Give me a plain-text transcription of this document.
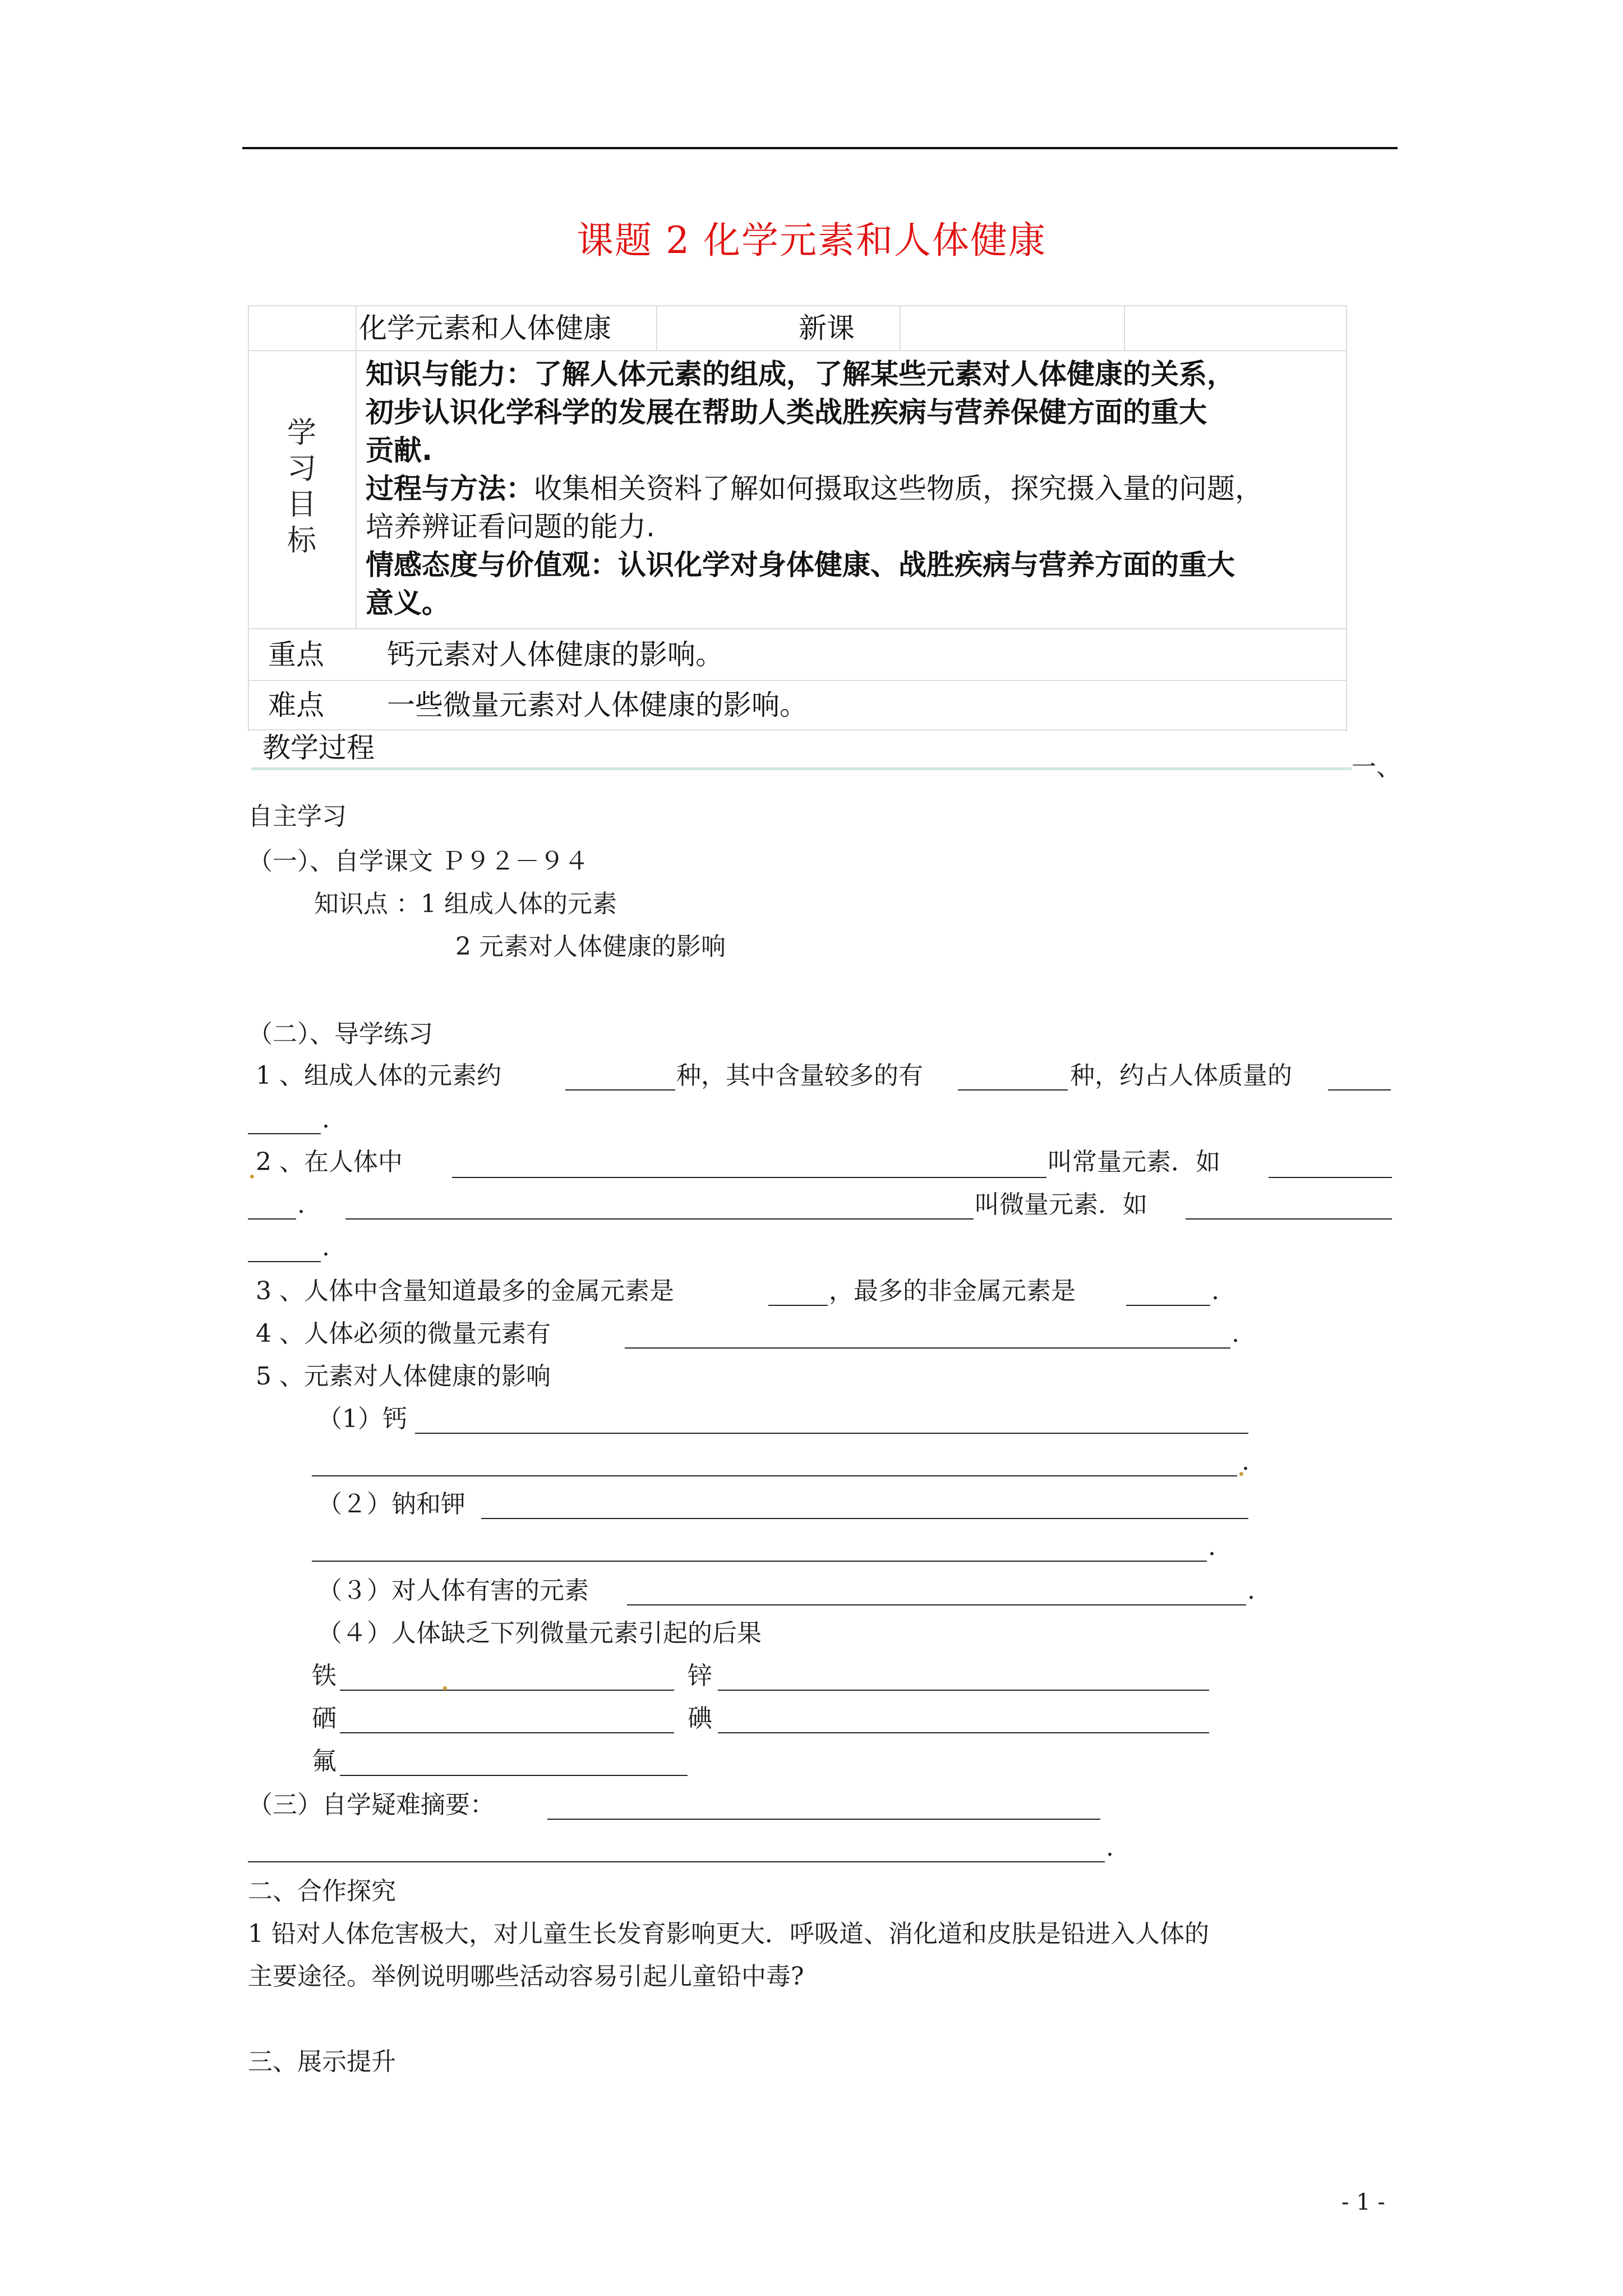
课题 2 化学元素和人体健康
化学元素和人体健康	新课
学
习
目
标
知识与能力：了解人体元素的组成，了解某些元素对人体健康的关系，
初步认识化学科学的发展在帮助人类战胜疾病与营养保健方面的重大
贡献.
过程与方法：收集相关资料了解如何摄取这些物质，探究摄入量的问题，
培养辨证看问题的能力.
情感态度与价值观：认识化学对身体健康、战胜疾病与营养方面的重大
意义。
重点 钙元素对人体健康的影响。
难点 一些微量元素对人体健康的影响。
教学过程
一、
自主学习
（一）、自学课文 Ｐ９２－９４
知识点 ：1 组成人体的元素
2 元素对人体健康的影响
（二）、导学练习
1 、组成人体的元素约	种，其中含量较多的有	种，约占人体质量的
.
2 、在人体中	叫常量元素．如
.	叫微量元素．如
.
3 、人体中含量知道最多的金属元素是	，最多的非金属元素是	.
4 、人体必须的微量元素有	.
5 、元素对人体健康的影响
（1）钙
.
（２）钠和钾
.
（３）对人体有害的元素	.
（４）人体缺乏下列微量元素引起的后果
铁	锌
硒	碘
氟
（三）自学疑难摘要：
.
二、合作探究
1 铅对人体危害极大，对儿童生长发育影响更大．呼吸道、消化道和皮肤是铅进入人体的
主要途径。举例说明哪些活动容易引起儿童铅中毒?
三、展示提升
- 1 -
